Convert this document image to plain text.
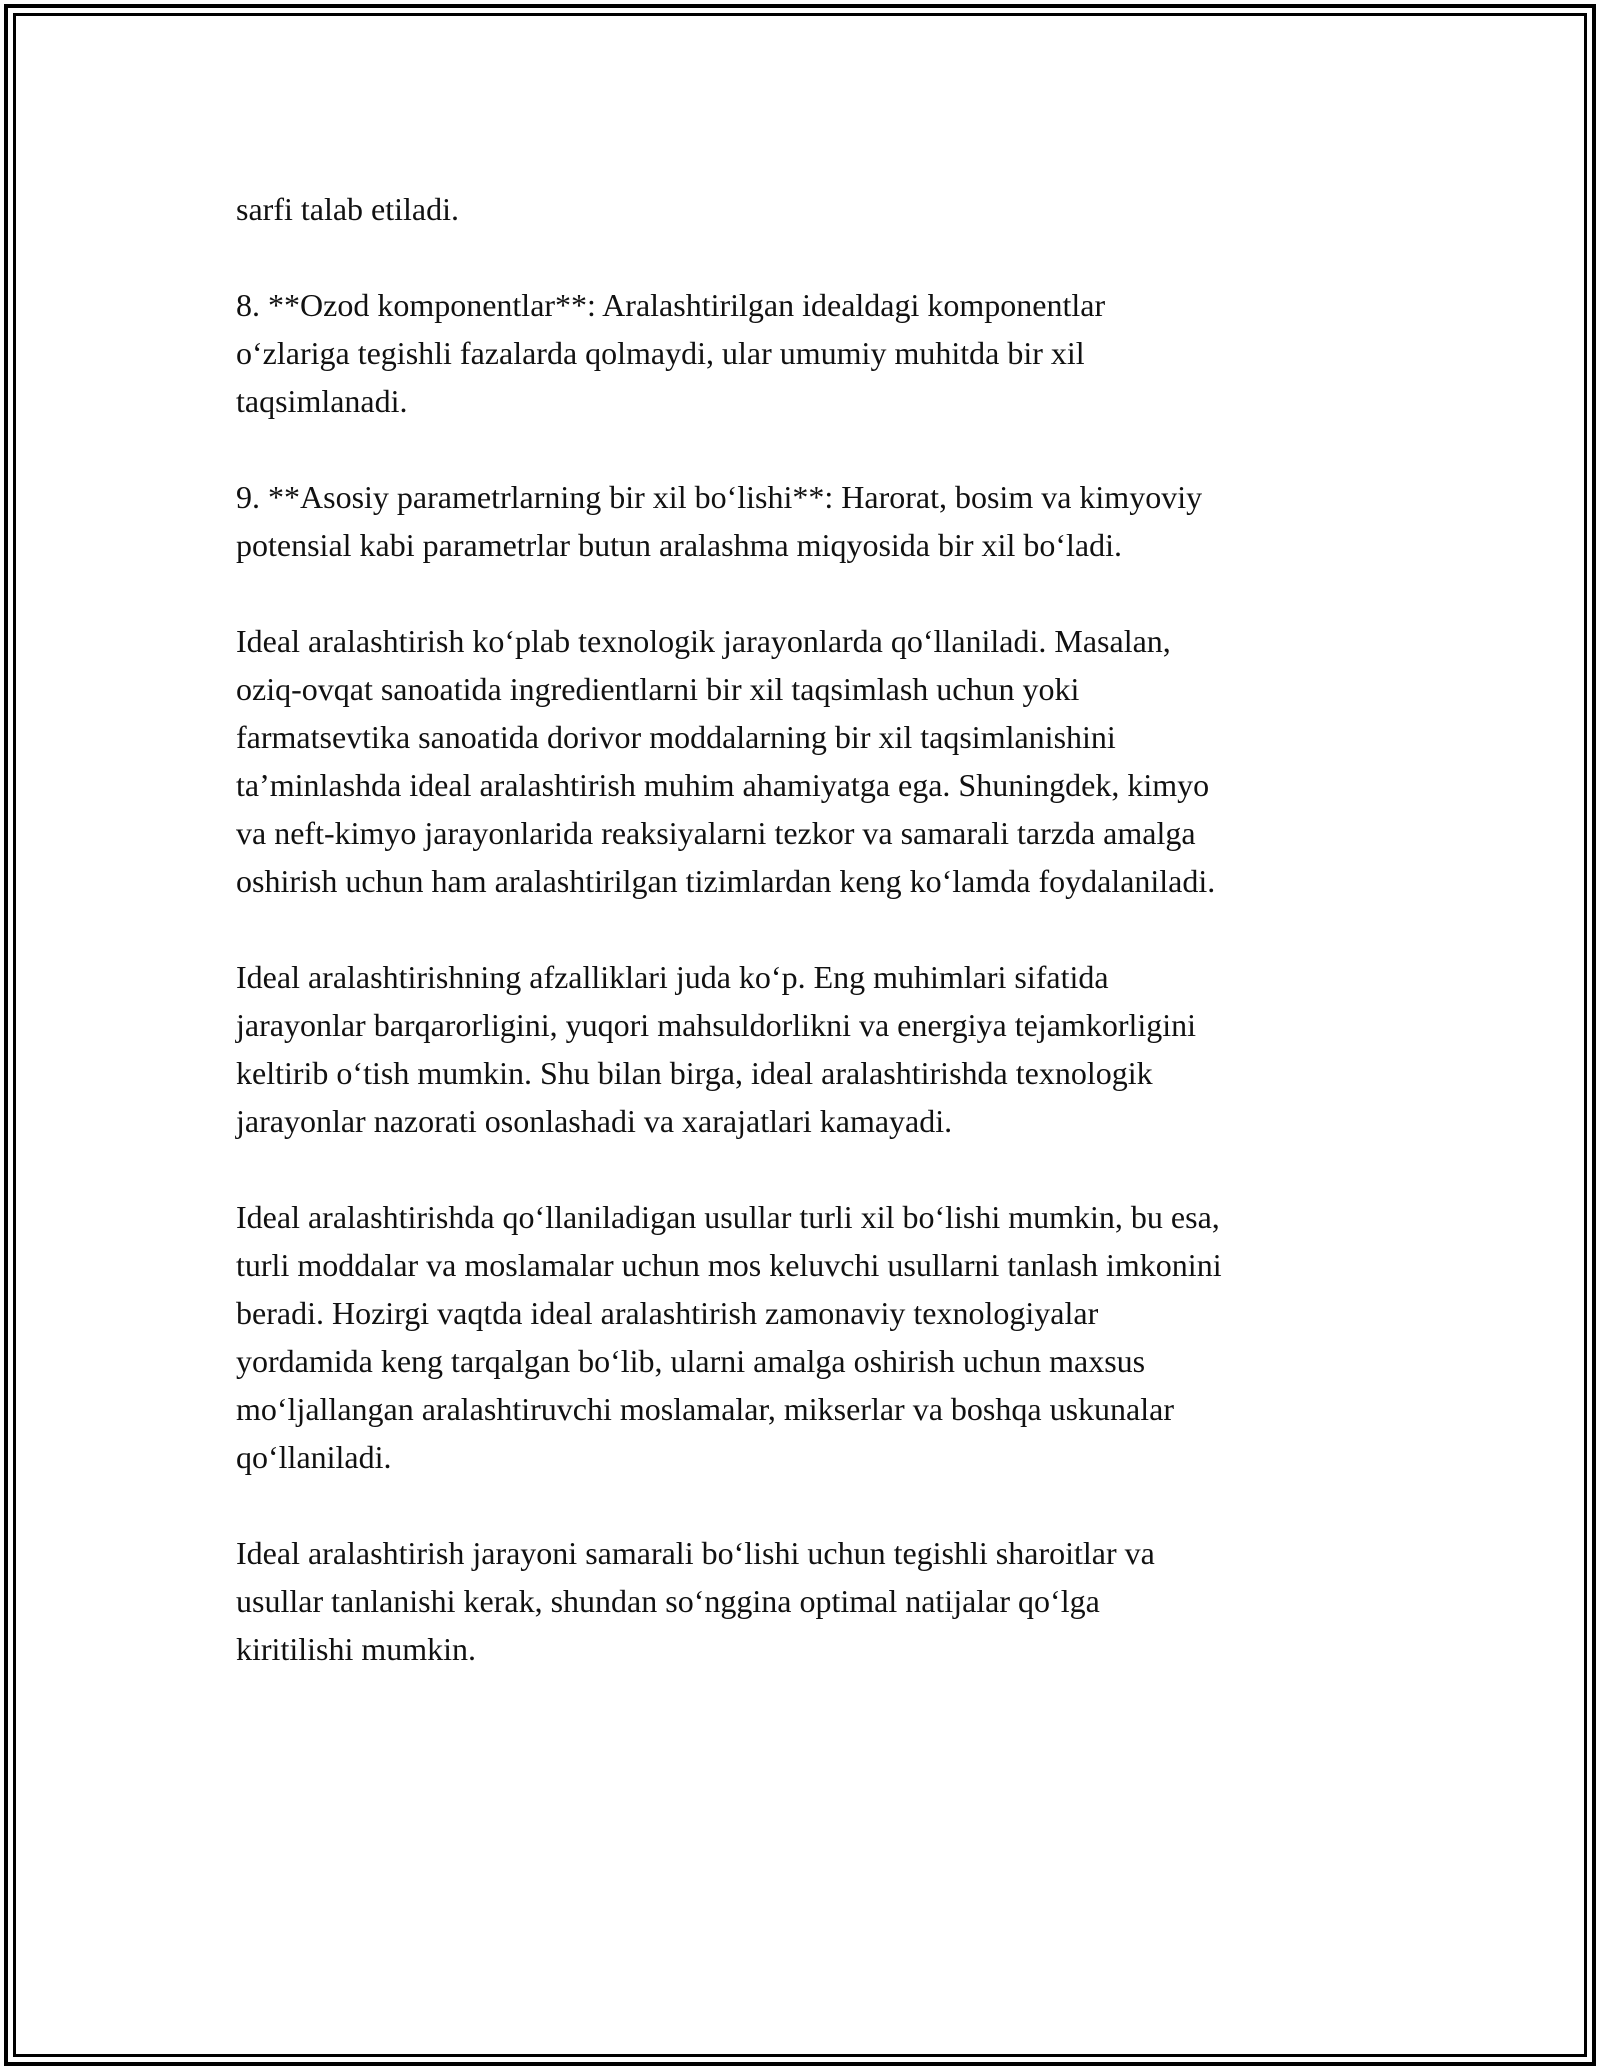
sarfi talab etiladi.

8. **Ozod komponentlar**: Aralashtirilgan idealdagi komponentlar
o‘zlariga tegishli fazalarda qolmaydi, ular umumiy muhitda bir xil
taqsimlanadi.

9. **Asosiy parametrlarning bir xil bo‘lishi**: Harorat, bosim va kimyoviy
potensial kabi parametrlar butun aralashma miqyosida bir xil bo‘ladi.

Ideal aralashtirish ko‘plab texnologik jarayonlarda qo‘llaniladi. Masalan,
oziq-ovqat sanoatida ingredientlarni bir xil taqsimlash uchun yoki
farmatsevtika sanoatida dorivor moddalarning bir xil taqsimlanishini
ta’minlashda ideal aralashtirish muhim ahamiyatga ega. Shuningdek, kimyo
va neft-kimyo jarayonlarida reaksiyalarni tezkor va samarali tarzda amalga
oshirish uchun ham aralashtirilgan tizimlardan keng ko‘lamda foydalaniladi.

Ideal aralashtirishning afzalliklari juda ko‘p. Eng muhimlari sifatida
jarayonlar barqarorligini, yuqori mahsuldorlikni va energiya tejamkorligini
keltirib o‘tish mumkin. Shu bilan birga, ideal aralashtirishda texnologik
jarayonlar nazorati osonlashadi va xarajatlari kamayadi.

Ideal aralashtirishda qo‘llaniladigan usullar turli xil bo‘lishi mumkin, bu esa,
turli moddalar va moslamalar uchun mos keluvchi usullarni tanlash imkonini
beradi. Hozirgi vaqtda ideal aralashtirish zamonaviy texnologiyalar
yordamida keng tarqalgan bo‘lib, ularni amalga oshirish uchun maxsus
mo‘ljallangan aralashtiruvchi moslamalar, mikserlar va boshqa uskunalar
qo‘llaniladi.

Ideal aralashtirish jarayoni samarali bo‘lishi uchun tegishli sharoitlar va
usullar tanlanishi kerak, shundan so‘nggina optimal natijalar qo‘lga
kiritilishi mumkin.
